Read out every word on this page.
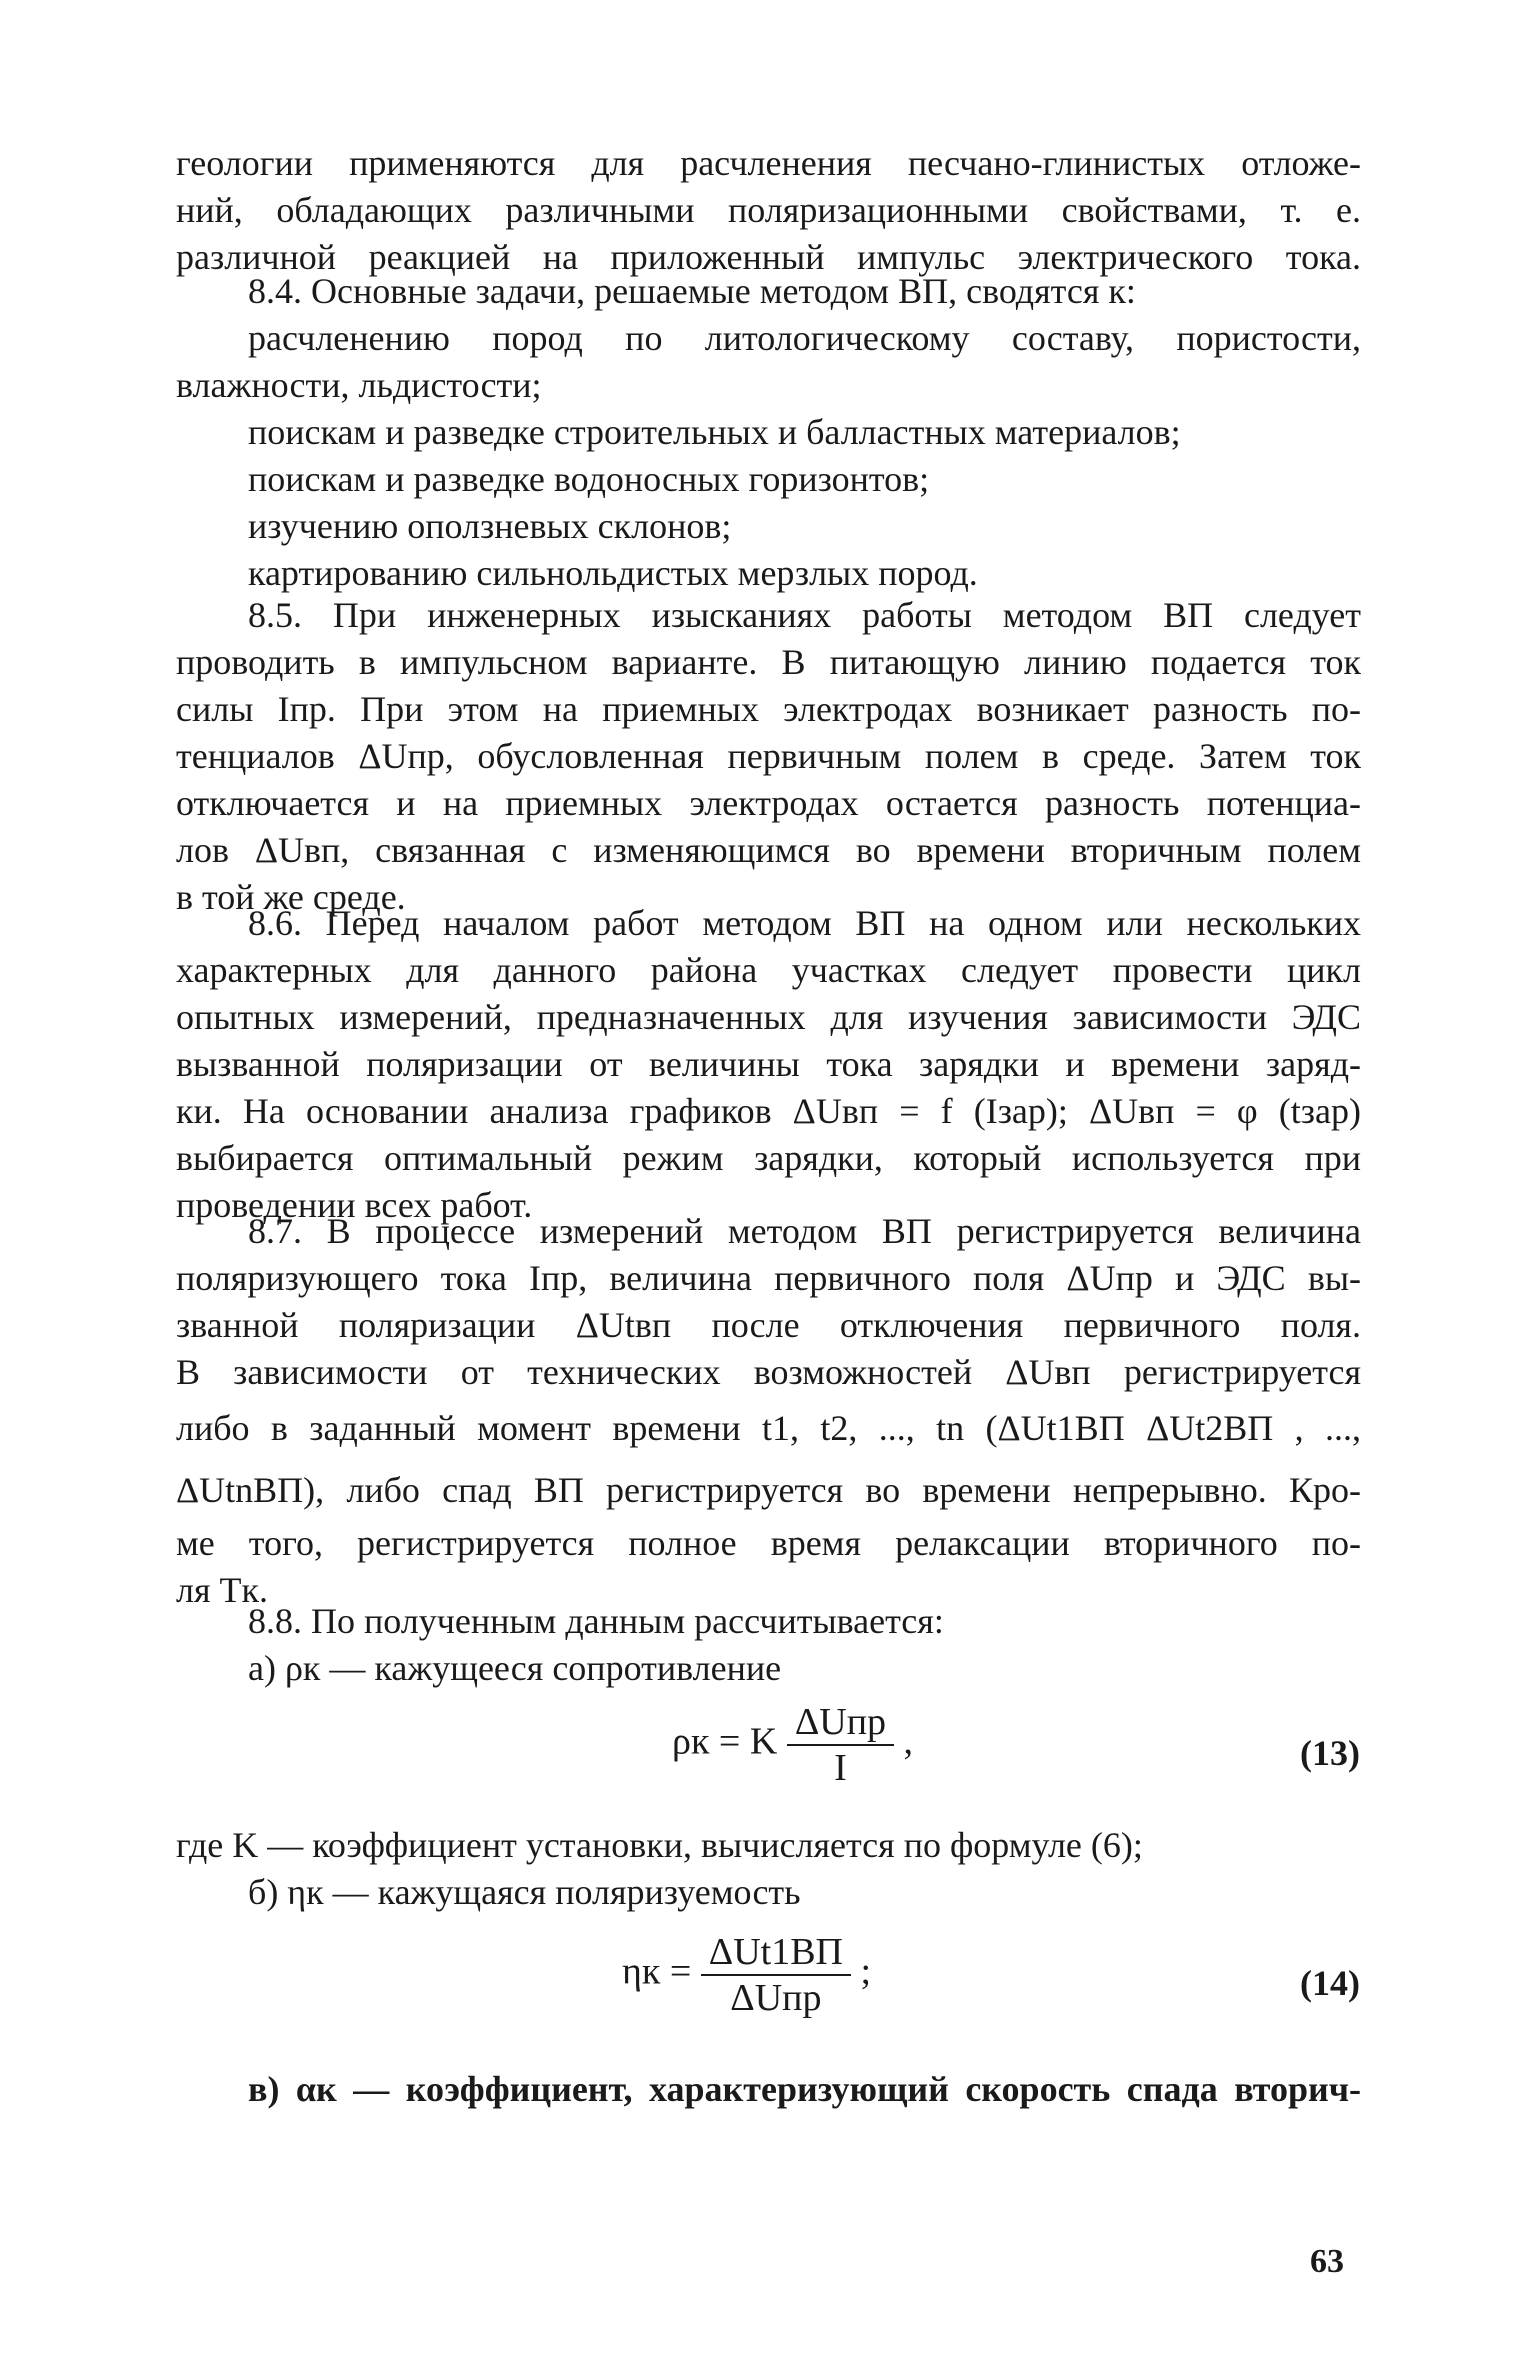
геологии применяются для расчленения песчано-глинистых отложе-
ний, обладающих различными поляризационными свойствами, т. е.
различной реакцией на приложенный импульс электрического тока.
8.4. Основные задачи, решаемые методом ВП, сводятся к:
расчленению пород по литологическому составу, пористости,
влажности, льдистости;
поискам и разведке строительных и балластных материалов;
поискам и разведке водоносных горизонтов;
изучению оползневых склонов;
картированию сильнольдистых мерзлых пород.
8.5. При инженерных изысканиях работы методом ВП следует
проводить в импульсном варианте. В питающую линию подается ток
силы Iпр. При этом на приемных электродах возникает разность по-
тенциалов ΔUпр, обусловленная первичным полем в среде. Затем ток
отключается и на приемных электродах остается разность потенциа-
лов ΔUвп, связанная с изменяющимся во времени вторичным полем
в той же среде.
8.6. Перед началом работ методом ВП на одном или нескольких
характерных для данного района участках следует провести цикл
опытных измерений, предназначенных для изучения зависимости ЭДС
вызванной поляризации от величины тока зарядки и времени заряд-
ки. На основании анализа графиков ΔUвп = f (Iзар); ΔUвп = φ (tзар)
выбирается оптимальный режим зарядки, который используется при
проведении всех работ.
8.7. В процессе измерений методом ВП регистрируется величина
поляризующего тока Iпр, величина первичного поля ΔUпр и ЭДС вы-
званной поляризации ΔUtвп после отключения первичного поля.
В зависимости от технических возможностей ΔUвп регистрируется
либо в заданный момент времени t1, t2, ..., tn (ΔUt1ВП ΔUt2ВП , ...,
ΔUtnВП), либо спад ВП регистрируется во времени непрерывно. Кро-
ме того, регистрируется полное время релаксации вторичного по-
ля Tк.
8.8. По полученным данным рассчитывается:
а) ρк — кажущееся сопротивление
ρк = K $\frac{\text{ΔUпр}}{I}$ ,	(13)
где K — коэффициент установки, вычисляется по формуле (6);
б) ηк — кажущаяся поляризуемость
$\eta к = \frac{\text{ΔUt1ВП}}{\text{ΔUпр}}$ ;	(14)
в) αк — коэффициент, характеризующий скорость спада вторич-
63
